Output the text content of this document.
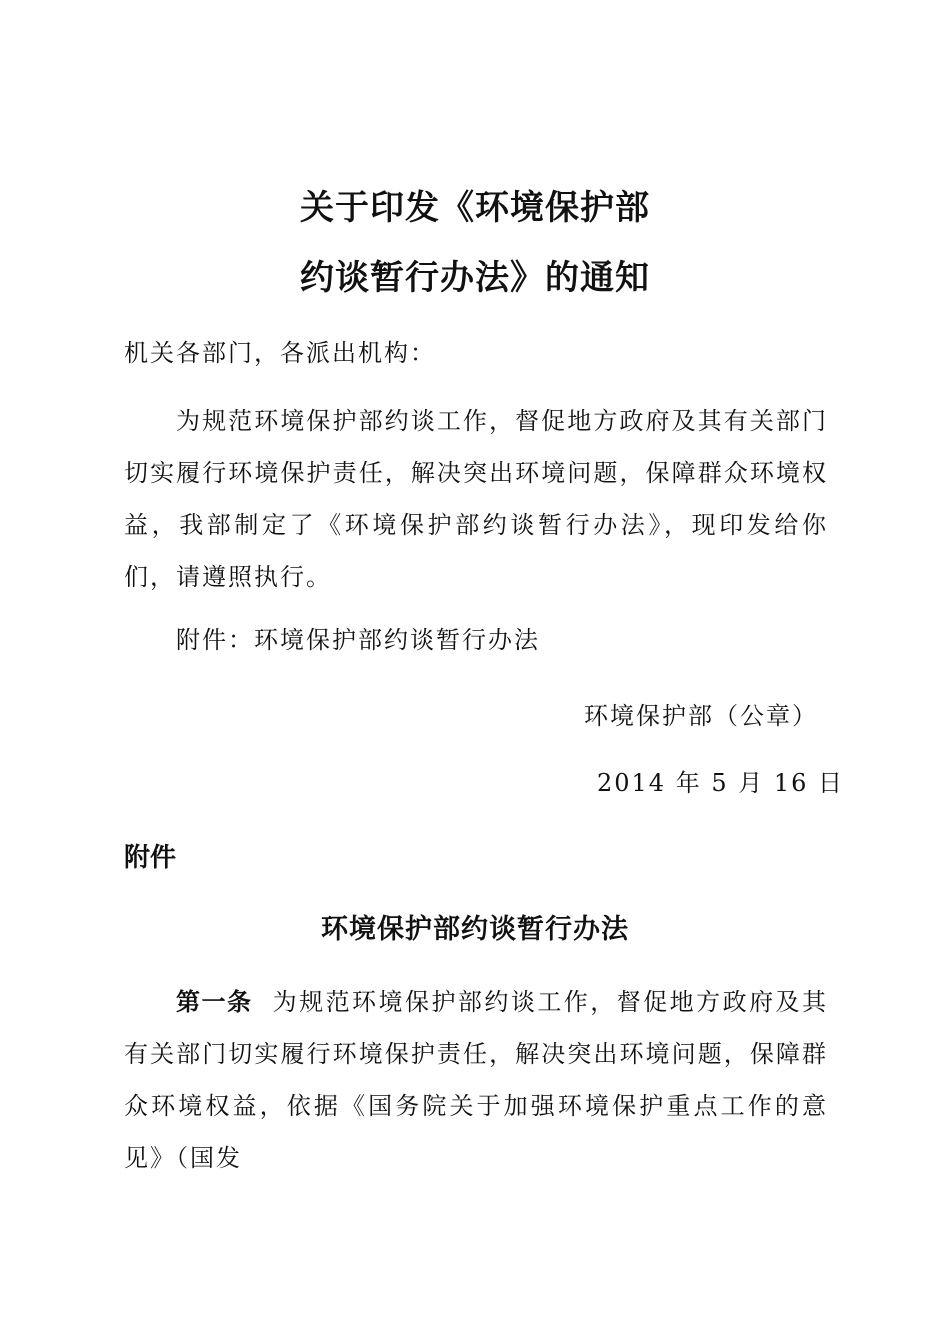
关于印发《环境保护部
约谈暂行办法》的通知
机关各部门，各派出机构：
为规范环境保护部约谈工作，督促地方政府及其有关部门切实履行环境保护责任，解决突出环境问题，保障群众环境权益，我部制定了《环境保护部约谈暂行办法》，现印发给你们，请遵照执行。
附件：环境保护部约谈暂行办法
环境保护部（公章）
2014 年 5 月 16 日
附件
环境保护部约谈暂行办法
第一条 为规范环境保护部约谈工作，督促地方政府及其有关部门切实履行环境保护责任，解决突出环境问题，保障群众环境权益，依据《国务院关于加强环境保护重点工作的意见》（国发
